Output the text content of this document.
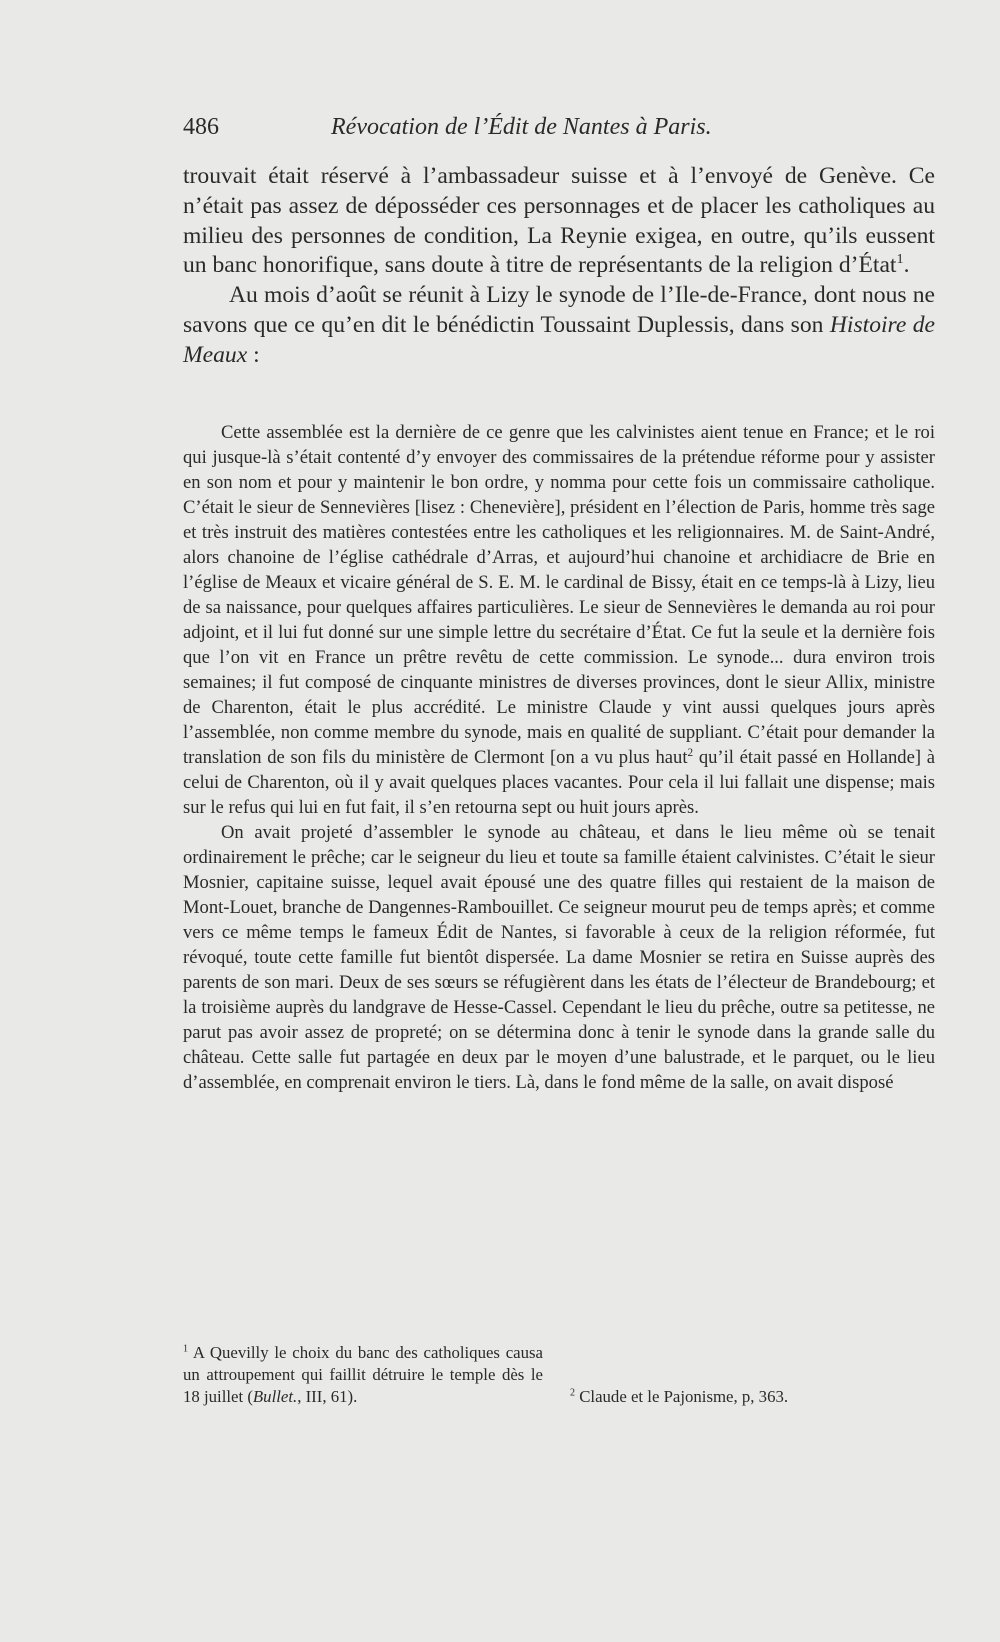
486	Révocation de l’Édit de Nantes à Paris.

trouvait était réservé à l’ambassadeur suisse et à l’envoyé de Genève. Ce n’était pas assez de déposséder ces personnages et de placer les catholiques au milieu des personnes de condition, La Reynie exigea, en outre, qu’ils eussent un banc honorifique, sans doute à titre de représentants de la religion d’État$^1$.

Au mois d’août se réunit à Lizy le synode de l’Ile-de-France, dont nous ne savons que ce qu’en dit le bénédictin Toussaint Duplessis, dans son Histoire de Meaux :

Cette assemblée est la dernière de ce genre que les calvinistes aient tenue en France; et le roi qui jusque-là s’était contenté d’y envoyer des commissaires de la prétendue réforme pour y assister en son nom et pour y maintenir le bon ordre, y nomma pour cette fois un commissaire catholique. C’était le sieur de Sennevières [lisez : Chenevière], président en l’élection de Paris, homme très sage et très instruit des matières contestées entre les catholiques et les religionnaires. M. de Saint-André, alors chanoine de l’église cathédrale d’Arras, et aujourd’hui chanoine et archidiacre de Brie en l’église de Meaux et vicaire général de S. E. M. le cardinal de Bissy, était en ce temps-là à Lizy, lieu de sa naissance, pour quelques affaires particulières. Le sieur de Sennevières le demanda au roi pour adjoint, et il lui fut donné sur une simple lettre du secrétaire d’État. Ce fut la seule et la dernière fois que l’on vit en France un prêtre revêtu de cette commission. Le synode... dura environ trois semaines; il fut composé de cinquante ministres de diverses provinces, dont le sieur Allix, ministre de Charenton, était le plus accrédité. Le ministre Claude y vint aussi quelques jours après l’assemblée, non comme membre du synode, mais en qualité de suppliant. C’était pour demander la translation de son fils du ministère de Clermont [on a vu plus haut$^2$ qu’il était passé en Hollande] à celui de Charenton, où il y avait quelques places vacantes. Pour cela il lui fallait une dispense; mais sur le refus qui lui en fut fait, il s’en retourna sept ou huit jours après.

On avait projeté d’assembler le synode au château, et dans le lieu même où se tenait ordinairement le prêche; car le seigneur du lieu et toute sa famille étaient calvinistes. C’était le sieur Mosnier, capitaine suisse, lequel avait épousé une des quatre filles qui restaient de la maison de Mont-Louet, branche de Dangennes-Rambouillet. Ce seigneur mourut peu de temps après; et comme vers ce même temps le fameux Édit de Nantes, si favorable à ceux de la religion réformée, fut révoqué, toute cette famille fut bientôt dispersée. La dame Mosnier se retira en Suisse auprès des parents de son mari. Deux de ses sœurs se réfugièrent dans les états de l’électeur de Brandebourg; et la troisième auprès du landgrave de Hesse-Cassel. Cependant le lieu du prêche, outre sa petitesse, ne parut pas avoir assez de propreté; on se détermina donc à tenir le synode dans la grande salle du château. Cette salle fut partagée en deux par le moyen d’une balustrade, et le parquet, ou le lieu d’assemblée, en comprenait environ le tiers. Là, dans le fond même de la salle, on avait disposé

$^1$ A Quevilly le choix du banc des catholiques causa un attroupement qui faillit détruire le temple dès le 18 juillet (Bullet., III, 61).	$^2$ Claude et le Pajonisme, p, 363.
